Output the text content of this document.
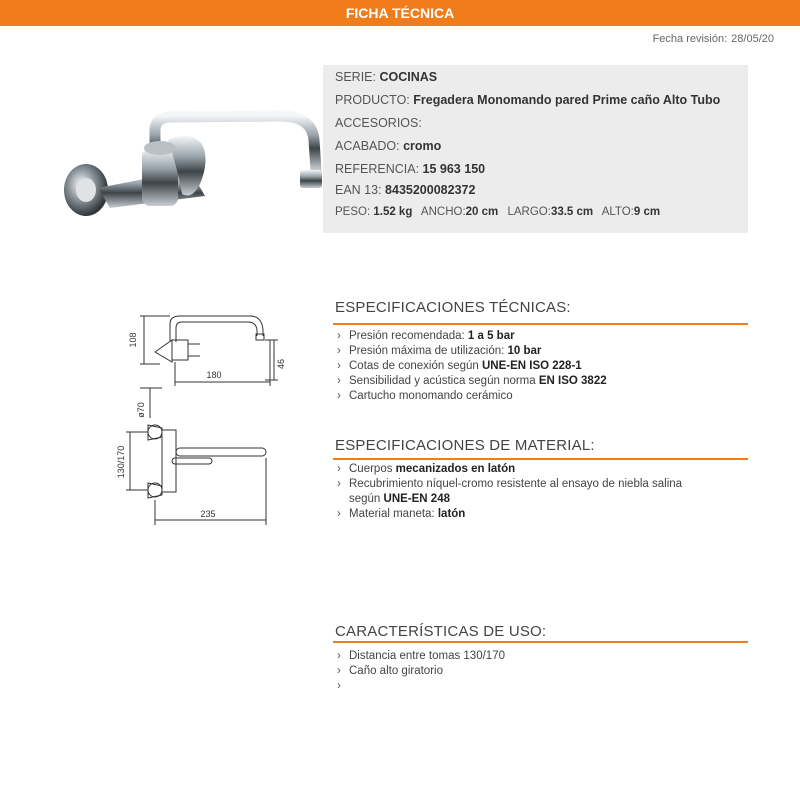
FICHA TÉCNICA
Fecha revisión: 28/05/20
SERIE: COCINAS
PRODUCTO: Fregadera Monomando pared Prime caño Alto Tubo
ACCESORIOS:
ACABADO: cromo
REFERENCIA: 15 963 150
EAN 13: 8435200082372
PESO: 1.52 kg ANCHO:20 cm LARGO:33.5 cm ALTO:9 cm
108
180
46
ø70
130/170
235
ESPECIFICACIONES TÉCNICAS:
› Presión recomendada: 1 a 5 bar
› Presión máxima de utilización: 10 bar
› Cotas de conexión según UNE-EN ISO 228-1
› Sensibilidad y acústica según norma EN ISO 3822
› Cartucho monomando cerámico
ESPECIFICACIONES DE MATERIAL:
› Cuerpos mecanizados en latón
› Recubrimiento níquel-cromo resistente al ensayo de niebla salina
según UNE-EN 248
› Material maneta: latón
CARACTERÍSTICAS DE USO:
› Distancia entre tomas 130/170
› Caño alto giratorio
›
